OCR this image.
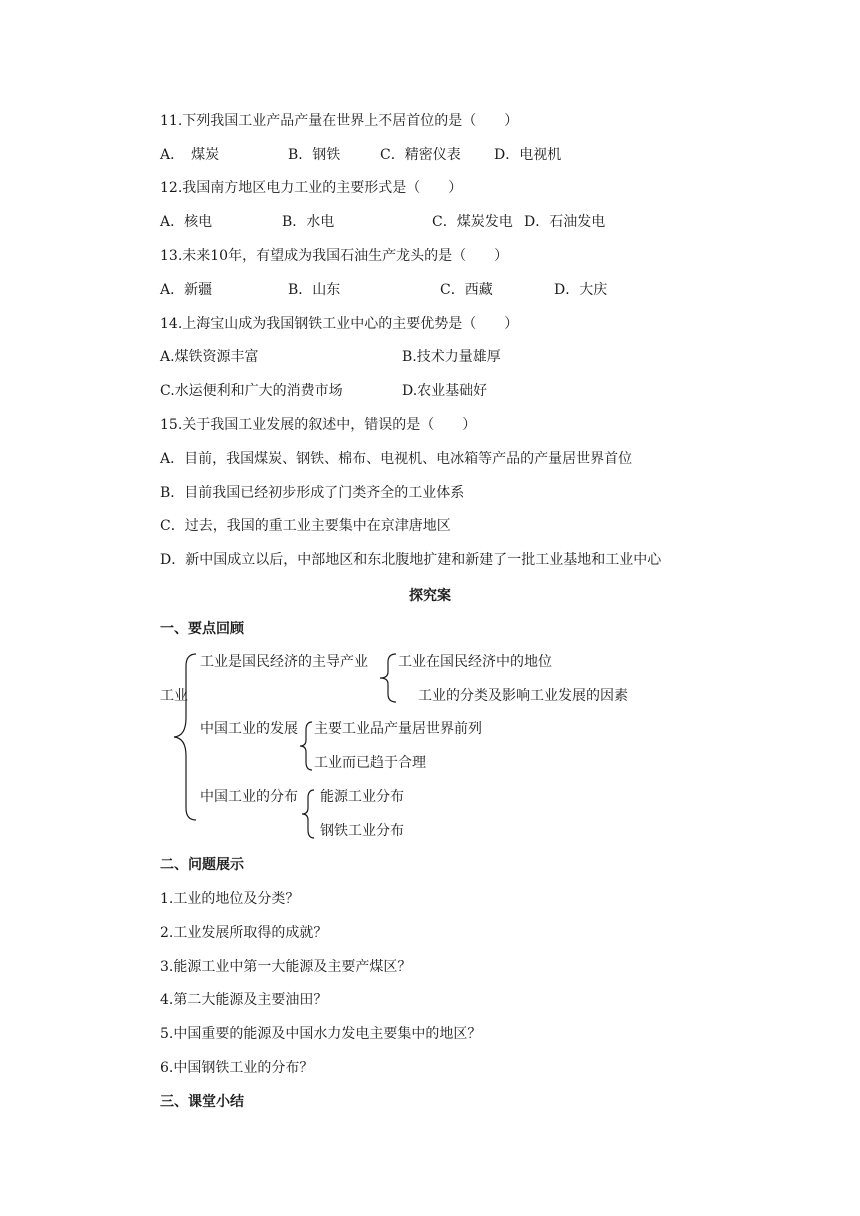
11.下列我国工业产品产量在世界上不居首位的是（　　）
A．　煤炭	B．钢铁	C．精密仪表 D．电视机
12.我国南方地区电力工业的主要形式是（　　）
A．核电	B．水电	C．煤炭发电 D．石油发电
13.未来10年，有望成为我国石油生产龙头的是（　　）
A．新疆	B．山东	C．西藏	D．大庆
14.上海宝山成为我国钢铁工业中心的主要优势是（　　）
A.煤铁资源丰富	B.技术力量雄厚
C.水运便利和广大的消费市场	D.农业基础好
15.关于我国工业发展的叙述中，错误的是（　　）
A．目前，我国煤炭、钢铁、棉布、电视机、电冰箱等产品的产量居世界首位
B．目前我国已经初步形成了门类齐全的工业体系
C．过去，我国的重工业主要集中在京津唐地区
D．新中国成立以后，中部地区和东北腹地扩建和新建了一批工业基地和工业中心
探究案
一、要点回顾
工业
工业是国民经济的主导产业 工业在国民经济中的地位
工业的分类及影响工业发展的因素
中国工业的发展 主要工业品产量居世界前列
工业而已趋于合理
中国工业的分布 能源工业分布
钢铁工业分布
二、问题展示
1.工业的地位及分类？
2.工业发展所取得的成就？
3.能源工业中第一大能源及主要产煤区？
4.第二大能源及主要油田？
5.中国重要的能源及中国水力发电主要集中的地区？
6.中国钢铁工业的分布？
三、课堂小结
